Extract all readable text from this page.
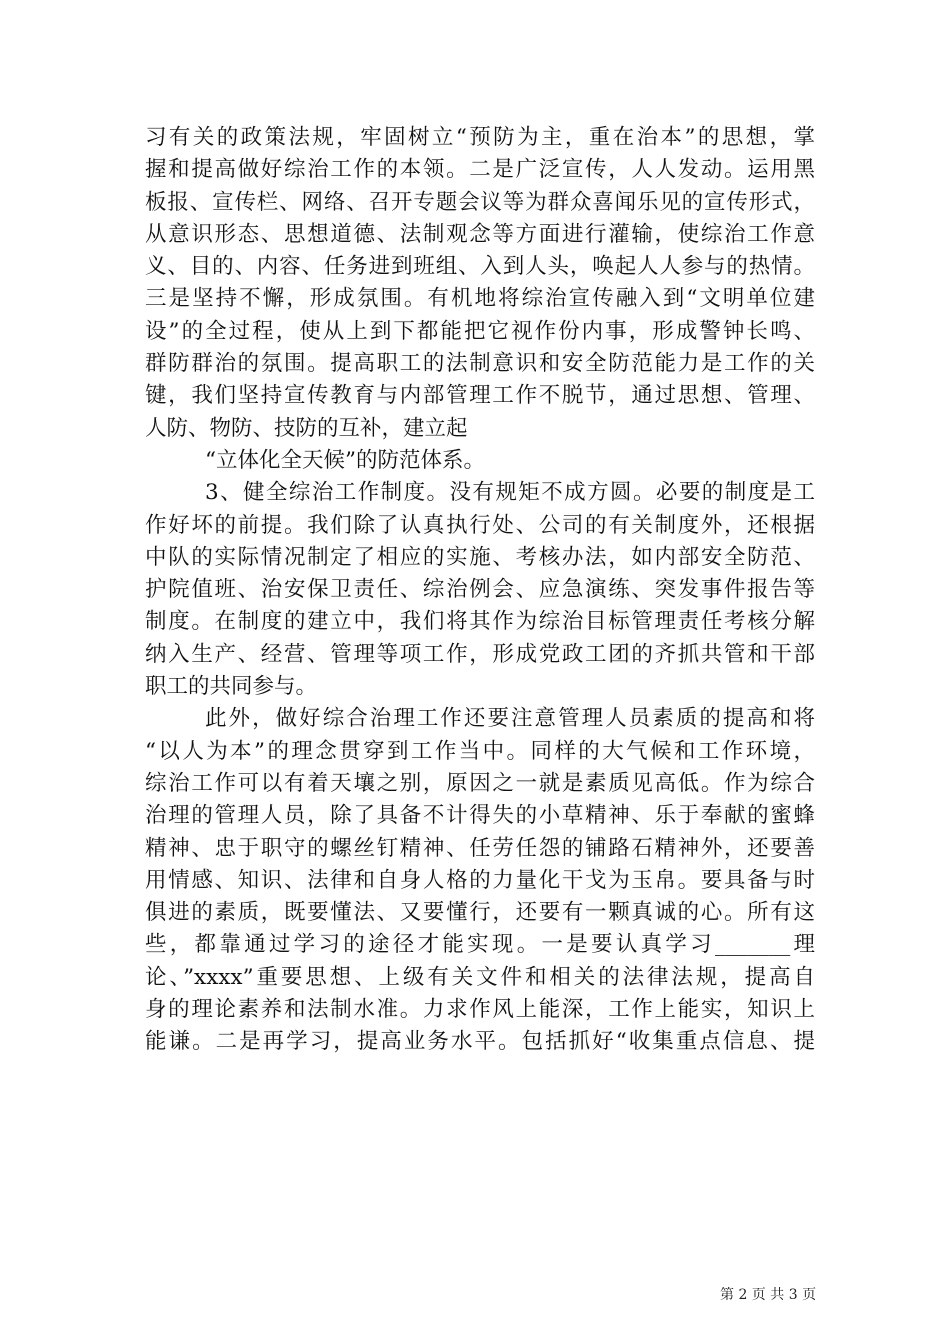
习有关的政策法规，牢固树立“预防为主，重在治本”的思想，掌
握和提高做好综治工作的本领。二是广泛宣传，人人发动。运用黑
板报、宣传栏、网络、召开专题会议等为群众喜闻乐见的宣传形式，
从意识形态、思想道德、法制观念等方面进行灌输，使综治工作意
义、目的、内容、任务进到班组、入到人头，唤起人人参与的热情。
三是坚持不懈，形成氛围。有机地将综治宣传融入到“文明单位建
设”的全过程，使从上到下都能把它视作份内事，形成警钟长鸣、
群防群治的氛围。提高职工的法制意识和安全防范能力是工作的关
键，我们坚持宣传教育与内部管理工作不脱节，通过思想、管理、
人防、物防、技防的互补，建立起
“立体化全天候”的防范体系。
3、健全综治工作制度。没有规矩不成方圆。必要的制度是工
作好坏的前提。我们除了认真执行处、公司的有关制度外，还根据
中队的实际情况制定了相应的实施、考核办法，如内部安全防范、
护院值班、治安保卫责任、综治例会、应急演练、突发事件报告等
制度。在制度的建立中，我们将其作为综治目标管理责任考核分解
纳入生产、经营、管理等项工作，形成党政工团的齐抓共管和干部
职工的共同参与。
此外，做好综合治理工作还要注意管理人员素质的提高和将
“以人为本”的理念贯穿到工作当中。同样的大气候和工作环境，
综治工作可以有着天壤之别，原因之一就是素质见高低。作为综合
治理的管理人员，除了具备不计得失的小草精神、乐于奉献的蜜蜂
精神、忠于职守的螺丝钉精神、任劳任怨的铺路石精神外，还要善
用情感、知识、法律和自身人格的力量化干戈为玉帛。要具备与时
俱进的素质，既要懂法、又要懂行，还要有一颗真诚的心。所有这
些，都靠通过学习的途径才能实现。一是要认真学习_______理
论、”xxxx”重要思想、上级有关文件和相关的法律法规，提高自
身的理论素养和法制水准。力求作风上能深，工作上能实，知识上
能谦。二是再学习，提高业务水平。包括抓好“收集重点信息、提
第 2 页 共 3 页
